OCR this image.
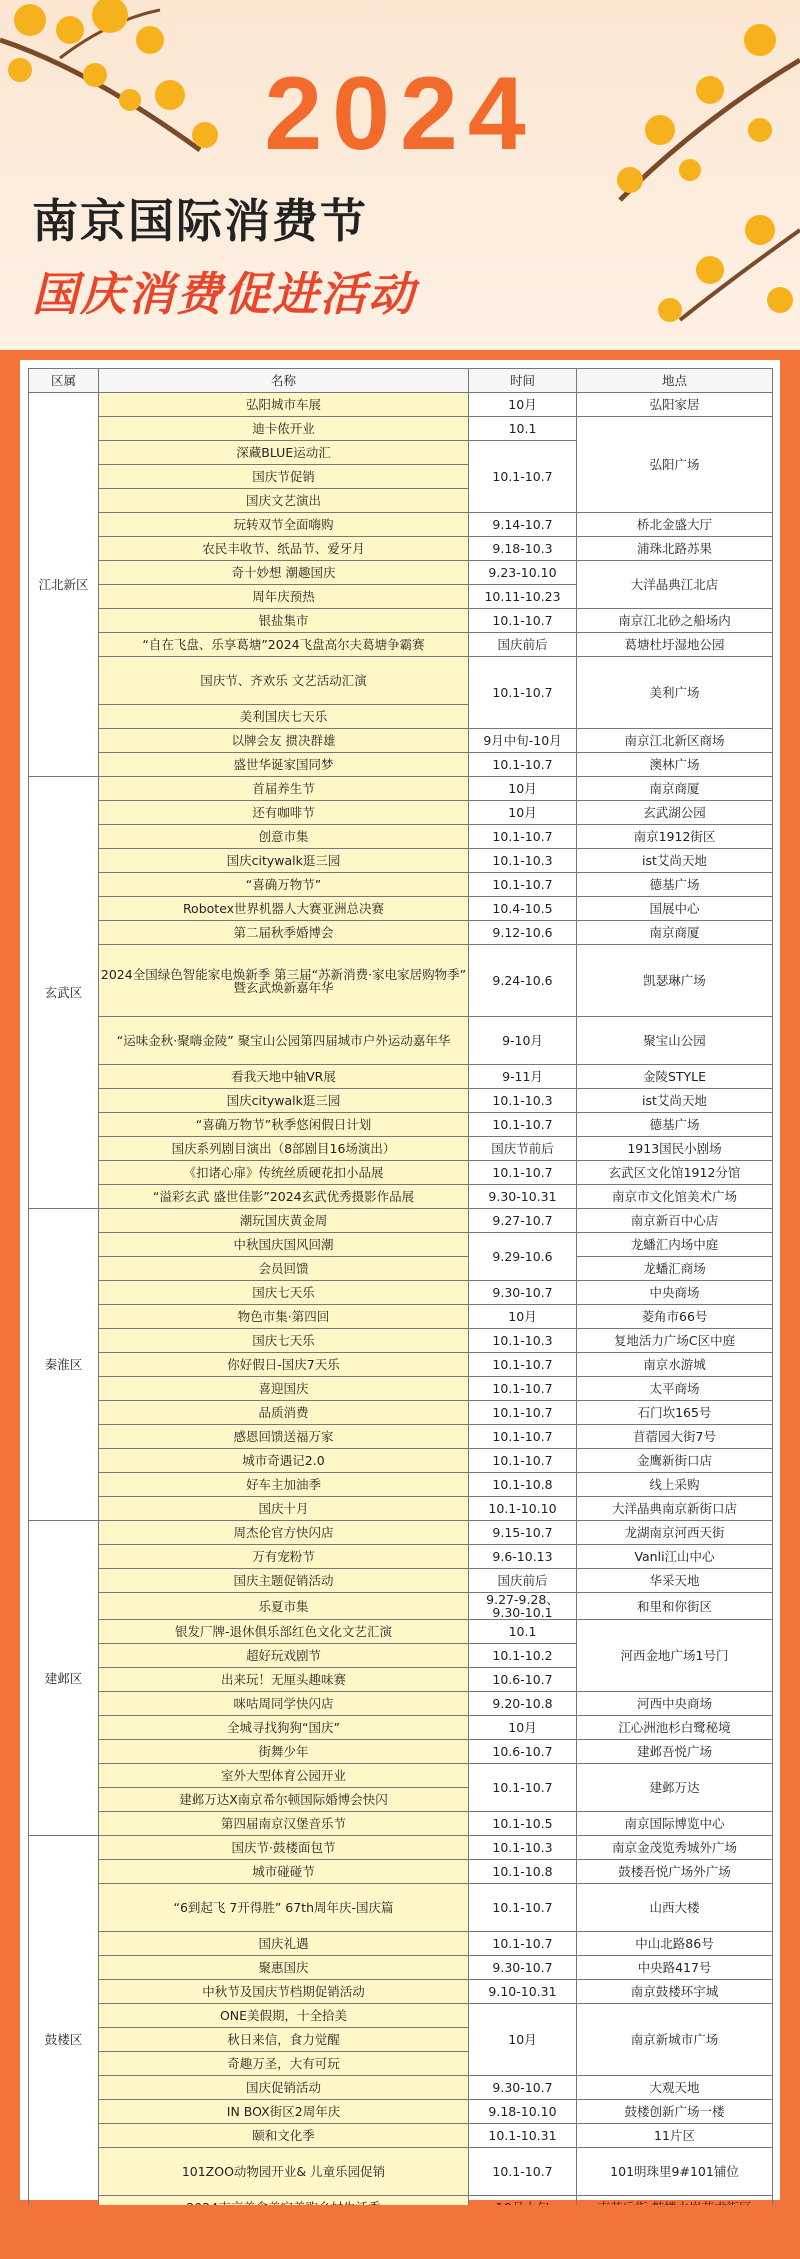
2024
南京国际消费节
国庆消费促进活动
区属	名称	时间	地点
江北新区	弘阳城市车展	10月	弘阳家居
	迪卡侬开业	10.1	弘阳广场
	深藏BLUE运动汇	10.1-10.7	
	国庆节促销		
	国庆文艺演出		
	玩转双节全面嗨购	9.14-10.7	桥北金盛大厅
	农民丰收节、纸品节、爱牙月	9.18-10.3	浦珠北路苏果
	奇十妙想 潮趣国庆	9.23-10.10	大洋晶典江北店
	周年庆预热	10.11-10.23	
	银盐集市	10.1-10.7	南京江北砂之船场内
	“自在飞盘、乐享葛塘”2024飞盘高尔夫葛塘争霸赛	国庆前后	葛塘杜圩湿地公园
	国庆节、齐欢乐 文艺活动汇演	10.1-10.7	美利广场
	美利国庆七天乐		
	以牌会友 掼决群雄	9月中旬-10月	南京江北新区商场
	盛世华诞家国同梦	10.1-10.7	澳林广场
玄武区	首届养生节	10月	南京商厦
	还有咖啡节	10月	玄武湖公园
	创意市集	10.1-10.7	南京1912街区
	国庆citywalk逛三园	10.1-10.3	ist艾尚天地
	“喜确万物节”	10.1-10.7	德基广场
	Robotex世界机器人大赛亚洲总决赛	10.4-10.5	国展中心
	第二届秋季婚博会	9.12-10.6	南京商厦
	2024全国绿色智能家电焕新季 第三届“苏新消费·家电家居购物季” 暨玄武焕新嘉年华	9.24-10.6	凯瑟琳广场
	“运味金秋·聚嗨金陵” 聚宝山公园第四届城市户外运动嘉年华	9-10月	聚宝山公园
	看我天地中轴VR展	9-11月	金陵STYLE
	国庆citywalk逛三园	10.1-10.3	ist艾尚天地
	“喜确万物节”秋季悠闲假日计划	10.1-10.7	德基广场
	国庆系列剧目演出（8部剧目16场演出）	国庆节前后	1913国民小剧场
	《扣诸心扉》传统丝质硬花扣小品展	10.1-10.7	玄武区文化馆1912分馆
	“溢彩玄武 盛世佳影”2024玄武优秀摄影作品展	9.30-10.31	南京市文化馆美术广场
秦淮区	潮玩国庆黄金周	9.27-10.7	南京新百中心店
	中秋国庆国风回潮	9.29-10.6	龙蟠汇内场中庭
	会员回馈		龙蟠汇商场
	国庆七天乐	9.30-10.7	中央商场
	物色市集·第四回	10月	菱角市66号
	国庆七天乐	10.1-10.3	复地活力广场C区中庭
	你好假日-国庆7天乐	10.1-10.7	南京水游城
	喜迎国庆	10.1-10.7	太平商场
	品质消费	10.1-10.7	石门坎165号
	感恩回馈送福万家	10.1-10.7	苜蓿园大街7号
	城市奇遇记2.0	10.1-10.7	金鹰新街口店
	好车主加油季	10.1-10.8	线上采购
	国庆十月	10.1-10.10	大洋晶典南京新街口店
建邺区	周杰伦官方快闪店	9.15-10.7	龙湖南京河西天街
	万有宠粉节	9.6-10.13	Vanli江山中心
	国庆主题促销活动	国庆前后	华采天地
	乐夏市集	9.27-9.28、 9.30-10.1	和里和你街区
	银发厂牌-退休俱乐部红色文化文艺汇演	10.1	河西金地广场1号门
	超好玩戏剧节	10.1-10.2	
	出来玩！无厘头趣味赛	10.6-10.7	
	咪咕周同学快闪店	9.20-10.8	河西中央商场
	全城寻找狗狗“国庆”	10月	江心洲池杉白鹭秘境
	街舞少年	10.6-10.7	建邺吾悦广场
	室外大型体育公园开业	10.1-10.7	建邺万达
	建邺万达X南京希尔顿国际婚博会快闪		
	第四届南京汉堡音乐节	10.1-10.5	南京国际博览中心
鼓楼区	国庆节·鼓楼面包节	10.1-10.3	南京金茂览秀城外广场
	城市碰碰节	10.1-10.8	鼓楼吾悦广场外广场
	“6到起飞 7开得胜” 67th周年庆-国庆篇	10.1-10.7	山西大楼
	国庆礼遇	10.1-10.7	中山北路86号
	聚惠国庆	9.30-10.7	中央路417号
	中秋节及国庆节档期促销活动	9.10-10.31	南京鼓楼环宇城
	ONE美假期，十全拾美	10月	南京新城市广场
	秋日来信，食力觉醒		
	奇趣万圣，大有可玩		
	国庆促销活动	9.30-10.7	大观天地
	IN BOX街区2周年庆	9.18-10.10	鼓楼创新广场一楼
	颐和文化季	10.1-10.31	11片区
	101ZOO动物园开业& 儿童乐园促销	10.1-10.7	101明珠里9#101铺位
